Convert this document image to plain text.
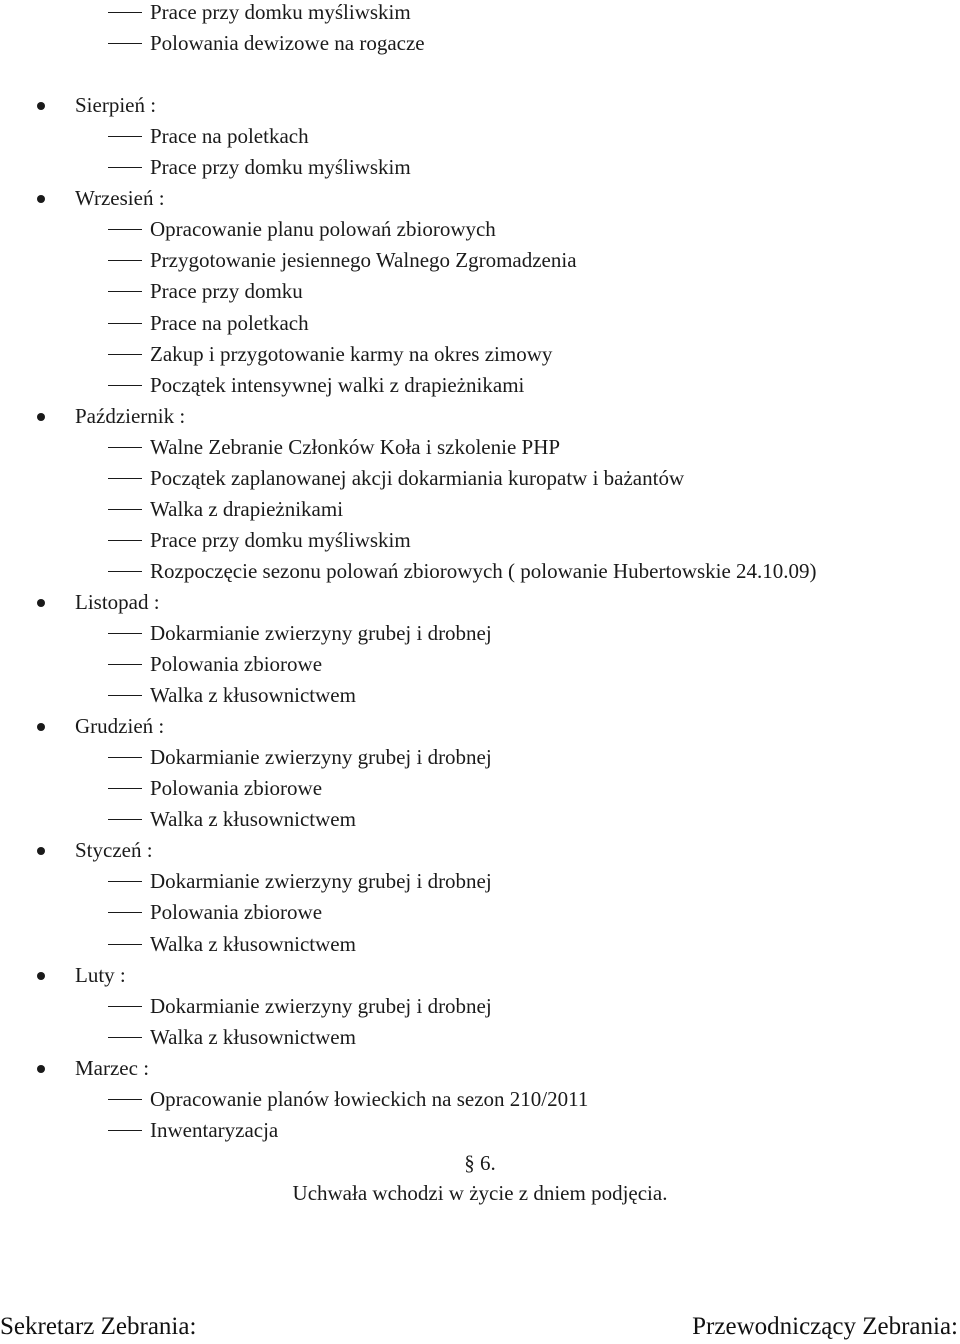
Prace przy domku myśliwskim
Polowania dewizowe na rogacze
Sierpień :
Prace na poletkach
Prace przy domku myśliwskim
Wrzesień :
Opracowanie planu polowań zbiorowych
Przygotowanie jesiennego Walnego Zgromadzenia
Prace przy domku
Prace na poletkach
Zakup i przygotowanie karmy na okres zimowy
Początek intensywnej walki z drapieżnikami
Październik :
Walne Zebranie Członków Koła i szkolenie PHP
Początek zaplanowanej akcji dokarmiania kuropatw i bażantów
Walka z drapieżnikami
Prace przy domku myśliwskim
Rozpoczęcie sezonu polowań zbiorowych ( polowanie Hubertowskie 24.10.09)
Listopad :
Dokarmianie zwierzyny grubej i drobnej
Polowania zbiorowe
Walka z kłusownictwem
Grudzień :
Dokarmianie zwierzyny grubej i drobnej
Polowania zbiorowe
Walka z kłusownictwem
Styczeń :
Dokarmianie zwierzyny grubej i drobnej
Polowania zbiorowe
Walka z kłusownictwem
Luty :
Dokarmianie zwierzyny grubej i drobnej
Walka z kłusownictwem
Marzec :
Opracowanie planów łowieckich na sezon 210/2011
Inwentaryzacja
§ 6.
Uchwała wchodzi w życie z dniem podjęcia.
Sekretarz Zebrania:	Przewodniczący Zebrania:
